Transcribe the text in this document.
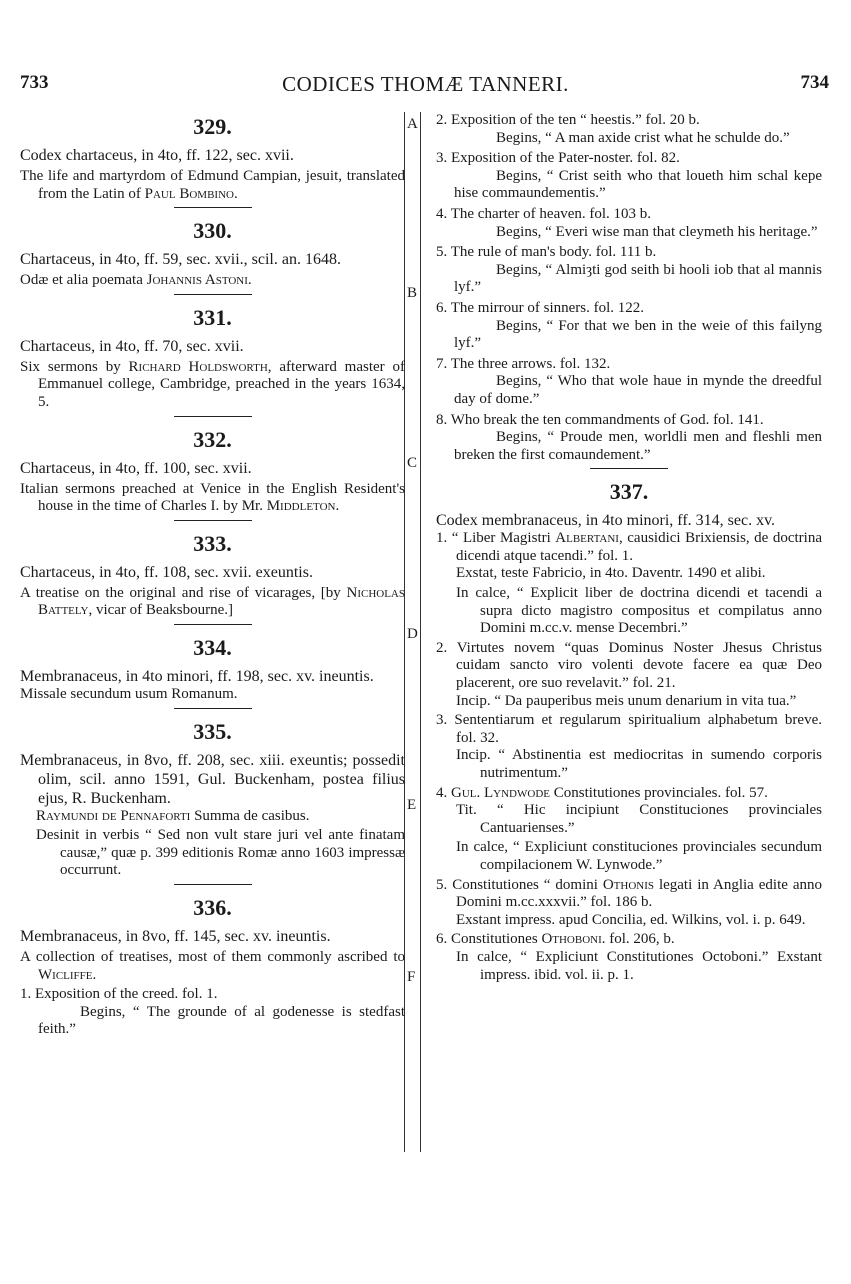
733	CODICES THOMÆ TANNERI.	734
A
B
C
D
E
F
329.

Codex chartaceus, in 4to, ff. 122, sec. xvii.

The life and martyrdom of Edmund Campian, jesuit, translated from the Latin of Paul Bombino.

330.

Chartaceus, in 4to, ff. 59, sec. xvii., scil. an. 1648.

Odæ et alia poemata Johannis Astoni.

331.

Chartaceus, in 4to, ff. 70, sec. xvii.

Six sermons by Richard Holdsworth, afterward master of Emmanuel college, Cambridge, preached in the years 1634, 5.

332.

Chartaceus, in 4to, ff. 100, sec. xvii.

Italian sermons preached at Venice in the English Resident's house in the time of Charles I. by Mr. Middleton.

333.

Chartaceus, in 4to, ff. 108, sec. xvii. exeuntis.

A treatise on the original and rise of vicarages, [by Nicholas Battely, vicar of Beaksbourne.]

334.

Membranaceus, in 4to minori, ff. 198, sec. xv. ineuntis.

Missale secundum usum Romanum.

335.

Membranaceus, in 8vo, ff. 208, sec. xiii. exeuntis; possedit olim, scil. anno 1591, Gul. Buckenham, postea filius ejus, R. Buckenham.

Raymundi de Pennaforti Summa de casibus.

Desinit in verbis “ Sed non vult stare juri vel ante finatam causæ,” quæ p. 399 editionis Romæ anno 1603 impressæ occurrunt.

336.

Membranaceus, in 8vo, ff. 145, sec. xv. ineuntis.

A collection of treatises, most of them commonly ascribed to Wicliffe.

1. Exposition of the creed. fol. 1.

Begins, “ The grounde of al godenesse is stedfast feith.”

2. Exposition of the ten “ heestis.” fol. 20 b.

Begins, “ A man axide crist what he schulde do.”

3. Exposition of the Pater-noster. fol. 82.

Begins, “ Crist seith who that loueth him schal kepe hise commaundementis.”

4. The charter of heaven. fol. 103 b.

Begins, “ Everi wise man that cleymeth his heritage.”

5. The rule of man's body. fol. 111 b.

Begins, “ Almiȝti god seith bi hooli iob that al mannis lyf.”

6. The mirrour of sinners. fol. 122.

Begins, “ For that we ben in the weie of this failyng lyf.”

7. The three arrows. fol. 132.

Begins, “ Who that wole haue in mynde the dreedful day of dome.”

8. Who break the ten commandments of God. fol. 141.

Begins, “ Proude men, worldli men and fleshli men breken the first comaundement.”

337.

Codex membranaceus, in 4to minori, ff. 314, sec. xv.

1. “ Liber Magistri Albertani, causidici Brixiensis, de doctrina dicendi atque tacendi.” fol. 1.

Exstat, teste Fabricio, in 4to. Daventr. 1490 et alibi.

In calce, “ Explicit liber de doctrina dicendi et tacendi a supra dicto magistro compositus et compilatus anno Domini m.cc.v. mense Decembri.”

2. Virtutes novem “quas Dominus Noster Jhesus Christus cuidam sancto viro volenti devote facere ea quæ Deo placerent, ore suo revelavit.” fol. 21.

Incip. “ Da pauperibus meis unum denarium in vita tua.”

3. Sententiarum et regularum spiritualium alphabetum breve. fol. 32.

Incip. “ Abstinentia est mediocritas in sumendo corporis nutrimentum.”

4. Gul. Lyndwode Constitutiones provinciales. fol. 57.

Tit. “ Hic incipiunt Constituciones provinciales Cantuarienses.”

In calce, “ Expliciunt constituciones provinciales secundum compilacionem W. Lynwode.”

5. Constitutiones “ domini Othonis legati in Anglia edite anno Domini m.cc.xxxvii.” fol. 186 b.

Exstant impress. apud Concilia, ed. Wilkins, vol. i. p. 649.

6. Constitutiones Othoboni. fol. 206, b.

In calce, “ Expliciunt Constitutiones Octoboni.” Exstant impress. ibid. vol. ii. p. 1.
